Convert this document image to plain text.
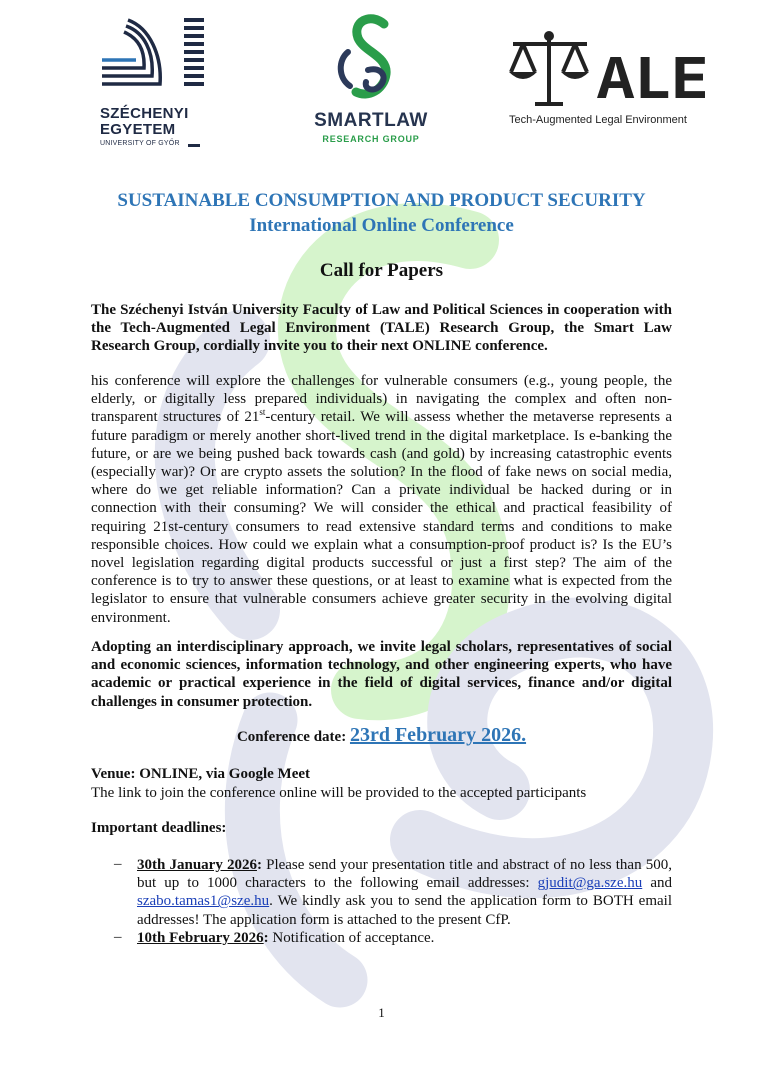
SZÉCHENYI
EGYETEM
UNIVERSITY OF GYŐR
SMARTLAW
RESEARCH GROUP
ALE
Tech-Augmented Legal Environment
SUSTAINABLE CONSUMPTION AND PRODUCT SECURITY
International Online Conference
Call for Papers
The Széchenyi István University Faculty of Law and Political Sciences in cooperation with the Tech-Augmented Legal Environment (TALE) Research Group, the Smart Law Research Group, cordially invite you to their next ONLINE conference.
his conference will explore the challenges for vulnerable consumers (e.g., young people, the elderly, or digitally less prepared individuals) in navigating the complex and often non-transparent structures of 21st-century retail. We will assess whether the metaverse represents a future paradigm or merely another short-lived trend in the digital marketplace. Is e-banking the future, or are we being pushed back towards cash (and gold) by increasing catastrophic events (especially war)? Or are crypto assets the solution? In the flood of fake news on social media, where do we get reliable information? Can a private individual be hacked during or in connection with their consuming? We will consider the ethical and practical feasibility of requiring 21st-century consumers to read extensive standard terms and conditions to make responsible choices. How could we explain what a consumption-proof product is? Is the EU’s novel legislation regarding digital products successful or just a first step? The aim of the conference is to try to answer these questions, or at least to examine what is expected from the legislator to ensure that vulnerable consumers achieve greater security in the evolving digital environment.
Adopting an interdisciplinary approach, we invite legal scholars, representatives of social and economic sciences, information technology, and other engineering experts, who have academic or practical experience in the field of digital services, finance and/or digital challenges in consumer protection.
Conference date: 23rd February 2026.
Venue: ONLINE, via Google Meet
The link to join the conference online will be provided to the accepted participants
Important deadlines:
– 30th January 2026: Please send your presentation title and abstract of no less than 500, but up to 1000 characters to the following email addresses: gjudit@ga.sze.hu and szabo.tamas1@sze.hu. We kindly ask you to send the application form to BOTH email addresses! The application form is attached to the present CfP.
– 10th February 2026: Notification of acceptance.
1
